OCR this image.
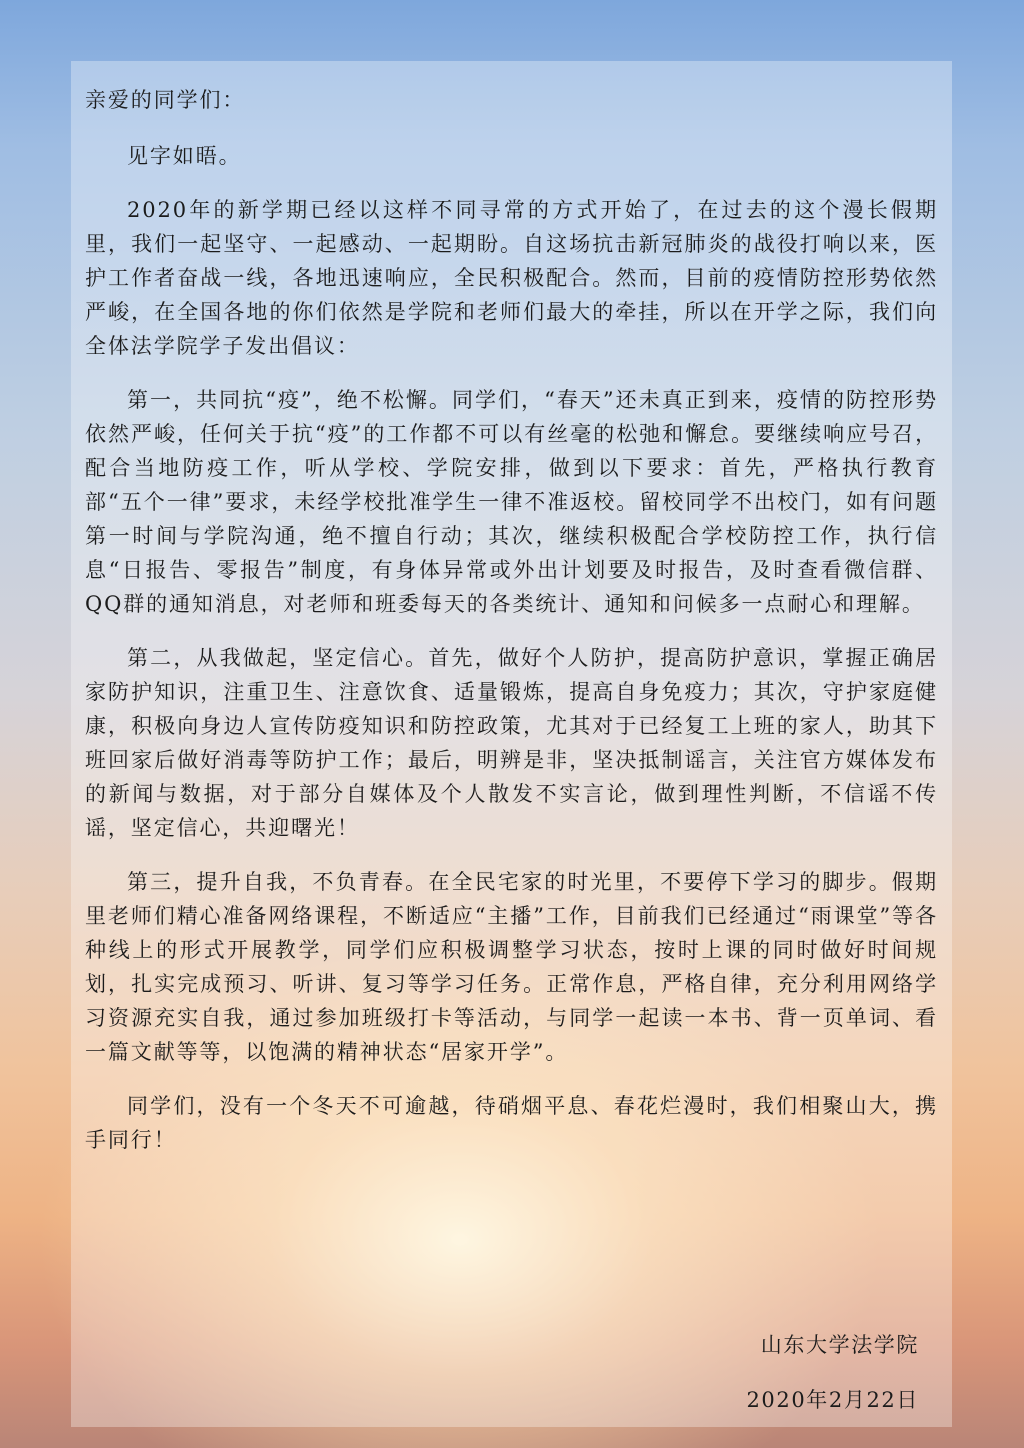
亲爱的同学们：

见字如晤。

2020年的新学期已经以这样不同寻常的方式开始了，在过去的这个漫长假期里，我们一起坚守、一起感动、一起期盼。自这场抗击新冠肺炎的战役打响以来，医护工作者奋战一线，各地迅速响应，全民积极配合。然而，目前的疫情防控形势依然严峻，在全国各地的你们依然是学院和老师们最大的牵挂，所以在开学之际，我们向全体法学院学子发出倡议：

第一，共同抗“疫”，绝不松懈。同学们，“春天”还未真正到来，疫情的防控形势依然严峻，任何关于抗“疫”的工作都不可以有丝毫的松弛和懈怠。要继续响应号召，配合当地防疫工作，听从学校、学院安排，做到以下要求：首先，严格执行教育部“五个一律”要求，未经学校批准学生一律不准返校。留校同学不出校门，如有问题第一时间与学院沟通，绝不擅自行动；其次，继续积极配合学校防控工作，执行信息“日报告、零报告”制度，有身体异常或外出计划要及时报告，及时查看微信群、QQ群的通知消息，对老师和班委每天的各类统计、通知和问候多一点耐心和理解。

第二，从我做起，坚定信心。首先，做好个人防护，提高防护意识，掌握正确居家防护知识，注重卫生、注意饮食、适量锻炼，提高自身免疫力；其次，守护家庭健康，积极向身边人宣传防疫知识和防控政策，尤其对于已经复工上班的家人，助其下班回家后做好消毒等防护工作；最后，明辨是非，坚决抵制谣言，关注官方媒体发布的新闻与数据，对于部分自媒体及个人散发不实言论，做到理性判断，不信谣不传谣，坚定信心，共迎曙光！

第三，提升自我，不负青春。在全民宅家的时光里，不要停下学习的脚步。假期里老师们精心准备网络课程，不断适应“主播”工作，目前我们已经通过“雨课堂”等各种线上的形式开展教学，同学们应积极调整学习状态，按时上课的同时做好时间规划，扎实完成预习、听讲、复习等学习任务。正常作息，严格自律，充分利用网络学习资源充实自我，通过参加班级打卡等活动，与同学一起读一本书、背一页单词、看一篇文献等等，以饱满的精神状态“居家开学”。

同学们，没有一个冬天不可逾越，待硝烟平息、春花烂漫时，我们相聚山大，携手同行！

山东大学法学院
2020年2月22日
